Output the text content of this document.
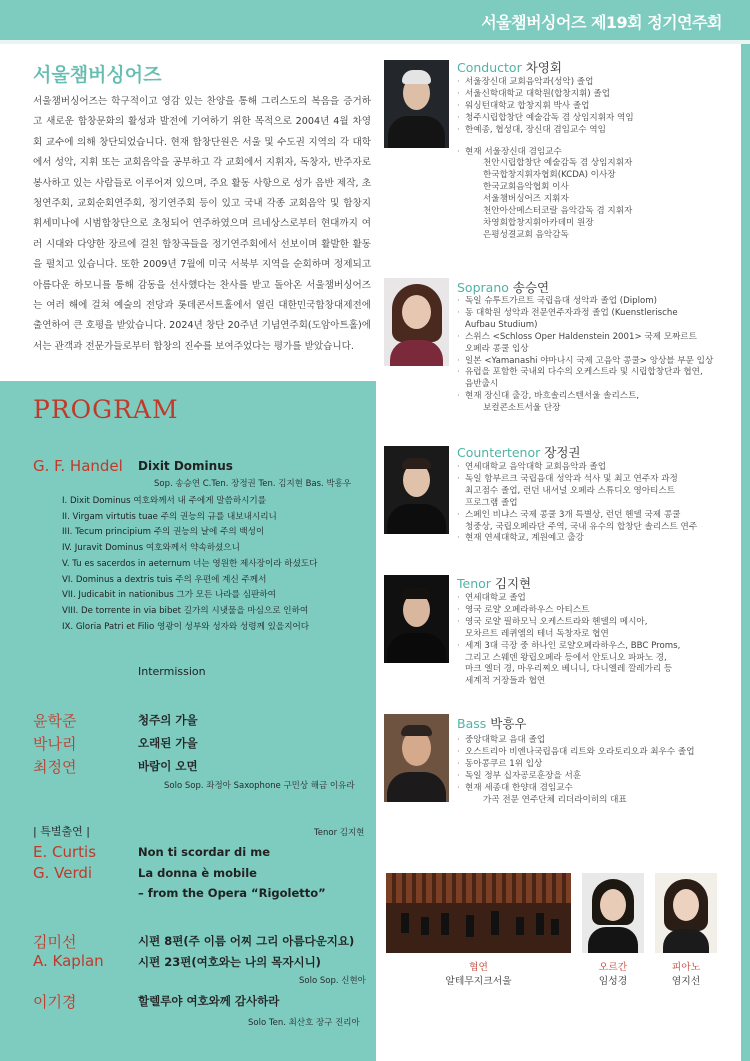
서울챔버싱어즈 제19회 정기연주회
서울챔버싱어즈
서울챔버싱어즈는 학구적이고 영감 있는 찬양을 통해 그리스도의 복음을 증거하고 새로운 합창문화의 활성과 발전에 기여하기 위한 목적으로 2004년 4월 차영회 교수에 의해 창단되었습니다. 현재 합창단원은 서울 및 수도권 지역의 각 대학에서 성악, 지휘 또는 교회음악을 공부하고 각 교회에서 지휘자, 독창자, 반주자로 봉사하고 있는 사람들로 이루어져 있으며, 주요 활동 사항으로 성가 음반 제작, 초청연주회, 교회순회연주회, 정기연주회 등이 있고 국내 각종 교회음악 및 합창지휘세미나에 시범합창단으로 초청되어 연주하였으며 르네상스로부터 현대까지 여러 시대와 다양한 장르에 걸친 합창곡들을 정기연주회에서 선보이며 활발한 활동을 펼치고 있습니다. 또한 2009년 7월에 미국 서북부 지역을 순회하며 정제되고 아름다운 하모니를 통해 감동을 선사했다는 찬사를 받고 돌아온 서울챔버싱어즈는 여러 해에 걸쳐 예술의 전당과 롯데콘서트홀에서 열린 대한민국합창대제전에 출연하여 큰 호평을 받았습니다. 2024년 창단 20주년 기념연주회(도암아트홀)에서는 관객과 전문가들로부터 합창의 진수를 보여주었다는 평가를 받았습니다.
PROGRAM
G. F. Handel Dixit Dominus
Sop. 송승연 C.Ten. 장정권 Ten. 김지현 Bas. 박흥우
I. Dixit Dominus 여호와께서 내 주에게 말씀하시기를
II. Virgam virtutis tuae 주의 권능의 규를 내보내시리니
III. Tecum principium 주의 권능의 날에 주의 백성이
IV. Juravit Dominus 여호와께서 약속하셨으니
V. Tu es sacerdos in aeternum 너는 영원한 제사장이라 하셨도다
VI. Dominus a dextris tuis 주의 우편에 계신 주께서
VII. Judicabit in nationibus 그가 모든 나라를 심판하여
VIII. De torrente in via bibet 길가의 시냇물을 마심으로 인하여
IX. Gloria Patri et Filio 영광이 성부와 성자와 성령께 있을지어다
Intermission
윤학준	청주의 가을
박나리	오래된 가을
최정연	바람이 오면
Solo Sop. 좌정아 Saxophone 구민상 해금 이유라
| 특별출연 |	Tenor 김지현
E. Curtis	Non ti scordar di me
G. Verdi	La donna è mobile
– from the Opera “Rigoletto”
김미선	시편 8편(주 이름 어찌 그리 아름다운지요)
A. Kaplan	시편 23편(여호와는 나의 목자시니)
Solo Sop. 신현아
이기경	할렐루야 여호와께 감사하라
Solo Ten. 최산호 장구 진리아
Conductor 차영회
· 서울장신대 교회음악과(성악) 졸업
· 서울신학대학교 대학원(합창지휘) 졸업
· 워싱턴대학교 합창지휘 박사 졸업
· 청주시립합창단 예술감독 겸 상임지휘자 역임
· 한예종, 협성대, 장신대 겸임교수 역임
· 현재 서울장신대 겸임교수
천안시립합창단 예술감독 겸 상임지휘자
한국합창지휘자협회(KCDA) 이사장
한국교회음악협회 이사
서울챔버싱어즈 지휘자
천안아산메스터코랄 음악감독 겸 지휘자
차영회합창지휘아카데미 원장
은평성결교회 음악감독
Soprano 송승연
· 독일 슈투트가르트 국립음대 성악과 졸업 (Diplom)
· 동 대학원 성악과 전문연주자과정 졸업 (Kuenstlerische
Aufbau Studium)
· 스위스 <Schloss Oper Haldenstein 2001> 국제 모짜르트
오페라 콩쿨 입상
· 일본 <Yamanashi 야마나시 국제 고음악 콩쿨> 앙상블 부문 입상
· 유럽을 포함한 국내외 다수의 오케스트라 및 시립합창단과 협연,
음반출시
· 현재 장신대 출강, 바흐솔리스텐서울 솔리스트,
보컬콘소트서울 단장
Countertenor 장정권
· 연세대학교 음악대학 교회음악과 졸업
· 독일 함부르크 국립음대 성악과 석사 및 최고 연주자 과정
최고점수 졸업, 런던 내셔널 오페라 스튜디오 영아티스트
프로그램 졸업
· 스페인 비냐스 국제 콩쿨 3개 특별상, 런던 헨델 국제 콩쿨
청중상, 국립오페라단 주역, 국내 유수의 합창단 솔리스트 연주
· 현재 연세대학교, 계원예고 출강
Tenor 김지현
· 연세대학교 졸업
· 영국 로얄 오페라하우스 아티스트
· 영국 로얄 필하모닉 오케스트라와 헨델의 메시아,
모차르트 레퀴엠의 테너 독창자로 협연
· 세계 3대 극장 중 하나인 로얄오페라하우스, BBC Proms,
그리고 스웨덴 왕립오페라 등에서 안토니오 파파노 경,
마크 엘더 경, 마우리찌오 베니니, 다니엘레 깔레가리 등
세계적 거장들과 협연
Bass 박흥우
· 중앙대학교 음대 졸업
· 오스트리아 비엔나국립음대 리트와 오라토리오과 최우수 졸업
· 동아콩쿠르 1위 입상
· 독일 정부 십자공로훈장을 서훈
· 현재 세종대 한양대 겸임교수
가곡 전문 연주단체 리더라이히의 대표
협연
알테무지크서울
오르간
임성경
피아노
염지선
